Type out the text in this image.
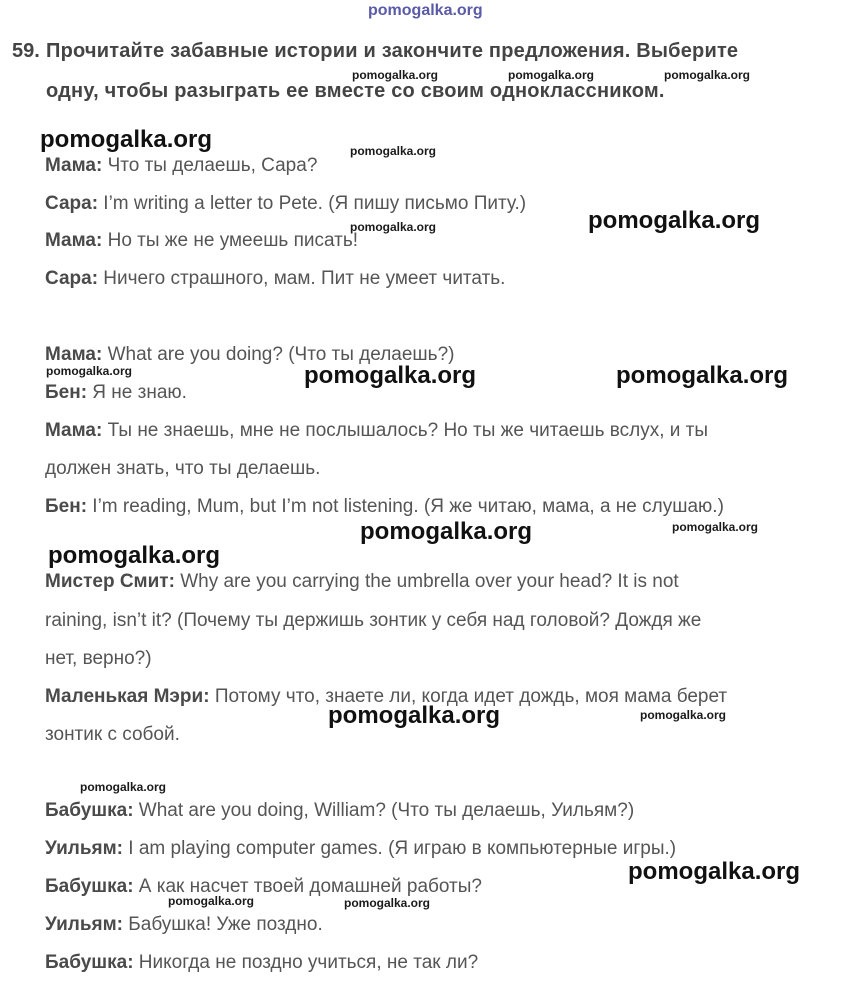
pomogalka.org
59. Прочитайте забавные истории и закончите предложения. Выберите
одну, чтобы разыграть ее вместе со своим одноклассником.
Мама: Что ты делаешь, Сара?
Сара: I’m writing a letter to Pete. (Я пишу письмо Питу.)
Мама: Но ты же не умеешь писать!
Сара: Ничего страшного, мам. Пит не умеет читать.
Мама: What are you doing? (Что ты делаешь?)
Бен: Я не знаю.
Мама: Ты не знаешь, мне не послышалось? Но ты же читаешь вслух, и ты
должен знать, что ты делаешь.
Бен: I’m reading, Mum, but I’m not listening. (Я же читаю, мама, а не слушаю.)
Мистер Смит: Why are you carrying the umbrella over your head? It is not
raining, isn’t it? (Почему ты держишь зонтик у себя над головой? Дождя же
нет, верно?)
Маленькая Мэри: Потому что, знаете ли, когда идет дождь, моя мама берет
зонтик с собой.
Бабушка: What are you doing, William? (Что ты делаешь, Уильям?)
Уильям: I am playing computer games. (Я играю в компьютерные игры.)
Бабушка: А как насчет твоей домашней работы?
Уильям: Бабушка! Уже поздно.
Бабушка: Никогда не поздно учиться, не так ли?
pomogalka.org	pomogalka.org	pomogalka.org
pomogalka.org	pomogalka.org
pomogalka.org
pomogalka.org
pomogalka.org	pomogalka.org	pomogalka.org
pomogalka.org	pomogalka.org
pomogalka.org
pomogalka.org	pomogalka.org
pomogalka.org
pomogalka.org
pomogalka.org	pomogalka.org
